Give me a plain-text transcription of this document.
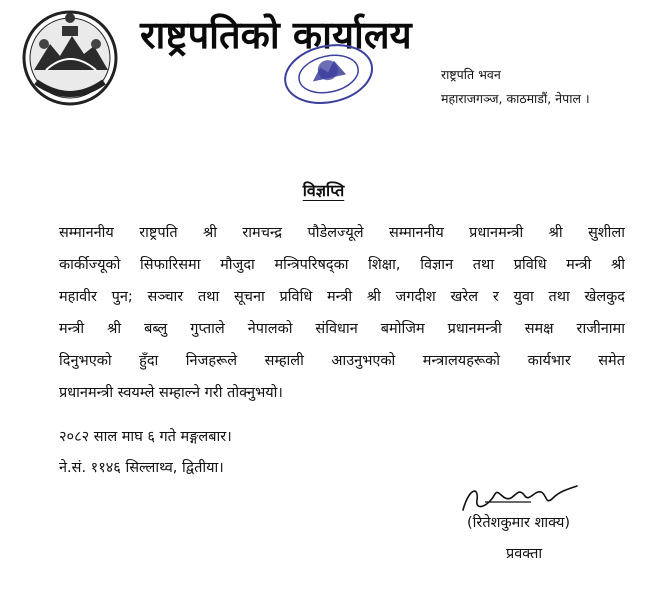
राष्ट्रपतिको कार्यालय
राष्ट्रपति भवन
महाराजगञ्ज, काठमाडौं, नेपाल ।
विज्ञप्ति
सम्माननीय राष्ट्रपति श्री रामचन्द्र पौडेलज्यूले सम्माननीय प्रधानमन्त्री श्री सुशीला
कार्कीज्यूको सिफारिसमा मौजुदा मन्त्रिपरिषद्का शिक्षा, विज्ञान तथा प्रविधि मन्त्री श्री
महावीर पुन; सञ्चार तथा सूचना प्रविधि मन्त्री श्री जगदीश खरेल र युवा तथा खेलकुद
मन्त्री श्री बब्लु गुप्ताले नेपालको संविधान बमोजिम प्रधानमन्त्री समक्ष राजीनामा
दिनुभएको हुँदा निजहरूले सम्हाली आउनुभएको मन्त्रालयहरूको कार्यभार समेत
प्रधानमन्त्री स्वयम्ले सम्हाल्ने गरी तोक्नुभयो।
२०८२ साल माघ ६ गते मङ्गलबार।
ने.सं. ११४६ सिल्लाथ्व, द्वितीया।
(रितेशकुमार शाक्य)
प्रवक्ता
